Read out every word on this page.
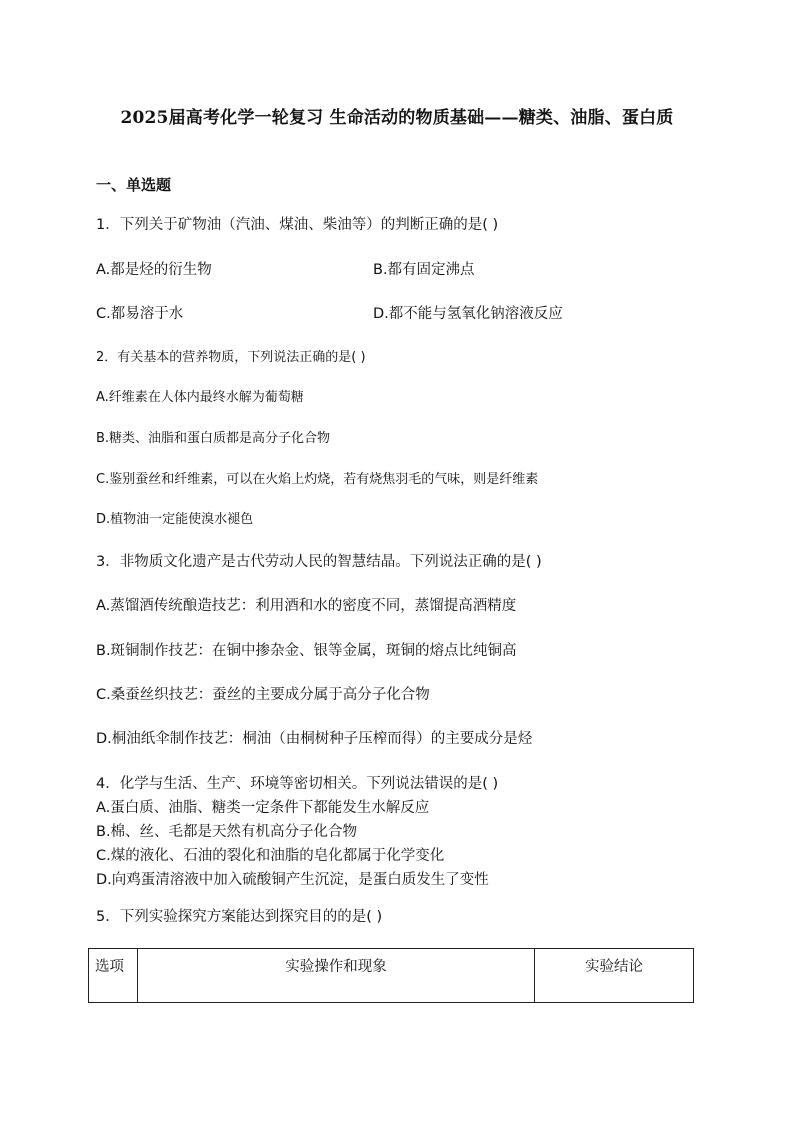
2025届高考化学一轮复习 生命活动的物质基础——糖类、油脂、蛋白质
一、单选题
1．下列关于矿物油（汽油、煤油、柴油等）的判断正确的是( )
A.都是烃的衍生物	B.都有固定沸点
C.都易溶于水	D.都不能与氢氧化钠溶液反应
2．有关基本的营养物质，下列说法正确的是( )
A.纤维素在人体内最终水解为葡萄糖
B.糖类、油脂和蛋白质都是高分子化合物
C.鉴别蚕丝和纤维素，可以在火焰上灼烧，若有烧焦羽毛的气味，则是纤维素
D.植物油一定能使溴水褪色
3．非物质文化遗产是古代劳动人民的智慧结晶。下列说法正确的是( )
A.蒸馏酒传统酿造技艺：利用酒和水的密度不同，蒸馏提高酒精度
B.斑铜制作技艺：在铜中掺杂金、银等金属，斑铜的熔点比纯铜高
C.桑蚕丝织技艺：蚕丝的主要成分属于高分子化合物
D.桐油纸伞制作技艺：桐油（由桐树种子压榨而得）的主要成分是烃
4．化学与生活、生产、环境等密切相关。下列说法错误的是( )
A.蛋白质、油脂、糖类一定条件下都能发生水解反应
B.棉、丝、毛都是天然有机高分子化合物
C.煤的液化、石油的裂化和油脂的皂化都属于化学变化
D.向鸡蛋清溶液中加入硫酸铜产生沉淀，是蛋白质发生了变性
5．下列实验探究方案能达到探究目的的是( )
选项	实验操作和现象	实验结论
